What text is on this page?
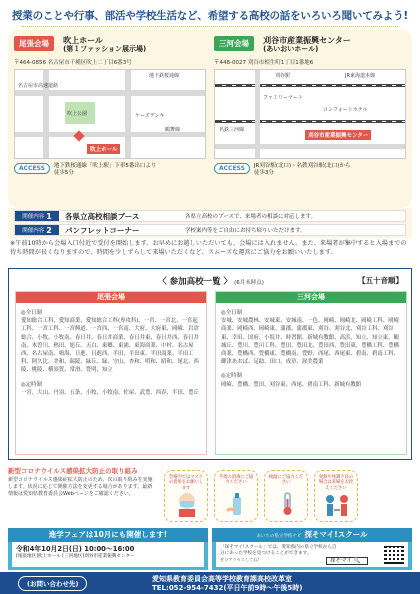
授業のことや行事、部活や学校生活など、希望する高校の話をいろいろ聞いてみよう!
尾張会場 吹上ホール
(第１ファッション展示場)
〒464-0856 名古屋市千種区吹上二丁目6番3号
地下鉄桜通線
名古屋市高速道路
吹上公園	ケーズデンキ
鶴舞線
吹上ホール
ACCESS	地下鉄桜通線「吹上駅」下車5番出口より
徒歩5分
三河会場 刈谷市産業振興センター
(あいおいホール)
〒448-0027 刈谷市相生町1丁目1番地6
刈谷駅	JR東海道本線
ファミリーマート
コンフォートホテル
名鉄三河線
刈谷市産業振興センター
ACCESS	JR刈谷駅(北口)・名鉄刈谷駅(北口)から
徒歩3分
開催内容 1 各県立高校相談ブース	各県立高校のブースで、来場者の相談に対応します。
開催内容 2 パンフレットコーナー	学校案内等をご自由にお持ち帰りいただけます。
※午前10時から会場入口付近で受付を開始します。お早めにお越しいただいても、会場には入れません。また、来場者が集中すると入場までの待ち時間が長くなりますので、時間を少しずらして来場いただくなど、スムーズな運営にご協力をお願いいたします。
〈 参加高校一覧 〉 (6月末時点)	【五十音順】
尾張会場
◎全日制
愛知総合工科、愛知商業、愛知総合工科(専攻科)、一宮、一宮北、一宮起工科、一宮工科、一宮興道、一宮西、一宮南、大府、大府東、岡崎、岩倉総合、小牧、小牧南、春日井、春日井商業、春日井東、春日井西、春日井南、木曽川、熱田、旭丘、天白、東郷、東浦、東海商業、中村、名古屋西、名古屋南、鳴海、日進、日進西、半田、半田東、半田商業、半田工科、阿久比、美和、瑞陵、緑丘、緑、守山、杏和、明和、昭和、尾北、西陵、桃陵、横須賀、常滑、豊明、知立
◎定時制
一宮、大山、丹羽、五条、小牧、小牧南、佐屋、武豊、西春、半田、豊丘
三河会場
◎全日制
安城、安城農林、安城東、安城南、一色、岡崎、岡崎北、岡崎工科、岡崎商業、岡崎西、岡崎東、蒲郡、蒲郡東、刈谷、刈谷北、刈谷工科、刈谷東、幸田、国府、小坂井、時習館、新城有教館、高浜、知立、知立東、鶴城丘、豊川、豊川工科、豊田、豊田北、豊田西、豊田東、豊橋工科、豊橋商業、豊橋西、豊橋東、豊橋南、豊野、西尾、西尾東、碧南、碧南工科、御津あおば、足助、田口、成章、渥美農業
◎定時制
岡崎、豊橋、豊田、刈谷東、西尾、碧南工科、新城有教館
新型コロナウイルス感染拡大防止の取り組み
新型コロナウイルス感染症拡大防止のため、次の取り組みを実施します。状況に応じて開催方法を変更する場合があります。最新情報は愛知県教育委員会Webページをご確認ください。
会場内ではマスクの着用をお願いします
手指の消毒にご協力ください
検温にご協力ください
発熱や体調不良の場合は来場をお控えください
進学フェアは10月にも開催します!
令和4年10月2日(日) 10:00～16:00
[尾張地区]吹上ホール [三河地区]刈谷市産業振興センター
あいちの県立学校ナビ 探そマイ!スクール
「探そマイ!スクール」では、愛知県内の県立学校から自分にあった学校を見つけることができます。
ぜひアクセスしてね!	探そマイ 🔍
(お問い合わせ先)
愛知県教育委員会高等学校教育課高校改革室
TEL:052-954-7432(平日午前9時～午後5時)
